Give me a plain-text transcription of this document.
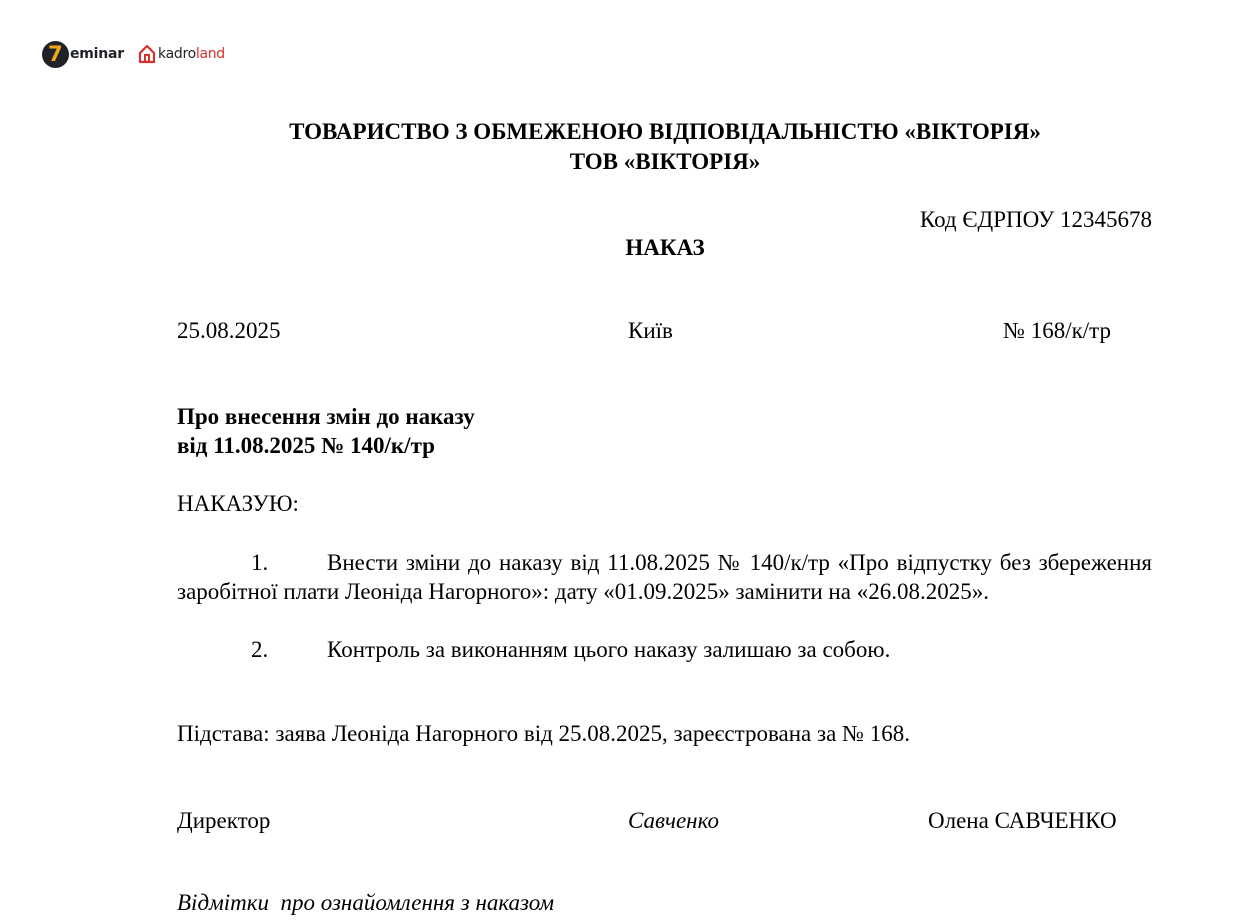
7 eminar kadroland
ТОВАРИСТВО З ОБМЕЖЕНОЮ ВІДПОВІДАЛЬНІСТЮ «ВІКТОРІЯ»
ТОВ «ВІКТОРІЯ»
Код ЄДРПОУ 12345678
НАКАЗ
25.08.2025	Київ	№ 168/к/тр
Про внесення змін до наказу
від 11.08.2025 № 140/к/тр
НАКАЗУЮ:
1.	Внести зміни до наказу від 11.08.2025 № 140/к/тр «Про відпустку без збереження заробітної плати Леоніда Нагорного»: дату «01.09.2025» замінити на «26.08.2025».
2.	Контроль за виконанням цього наказу залишаю за собою.
Підстава: заява Леоніда Нагорного від 25.08.2025, зареєстрована за № 168.
Директор	Савченко	Олена САВЧЕНКО
Відмітки  про ознайомлення з наказом
